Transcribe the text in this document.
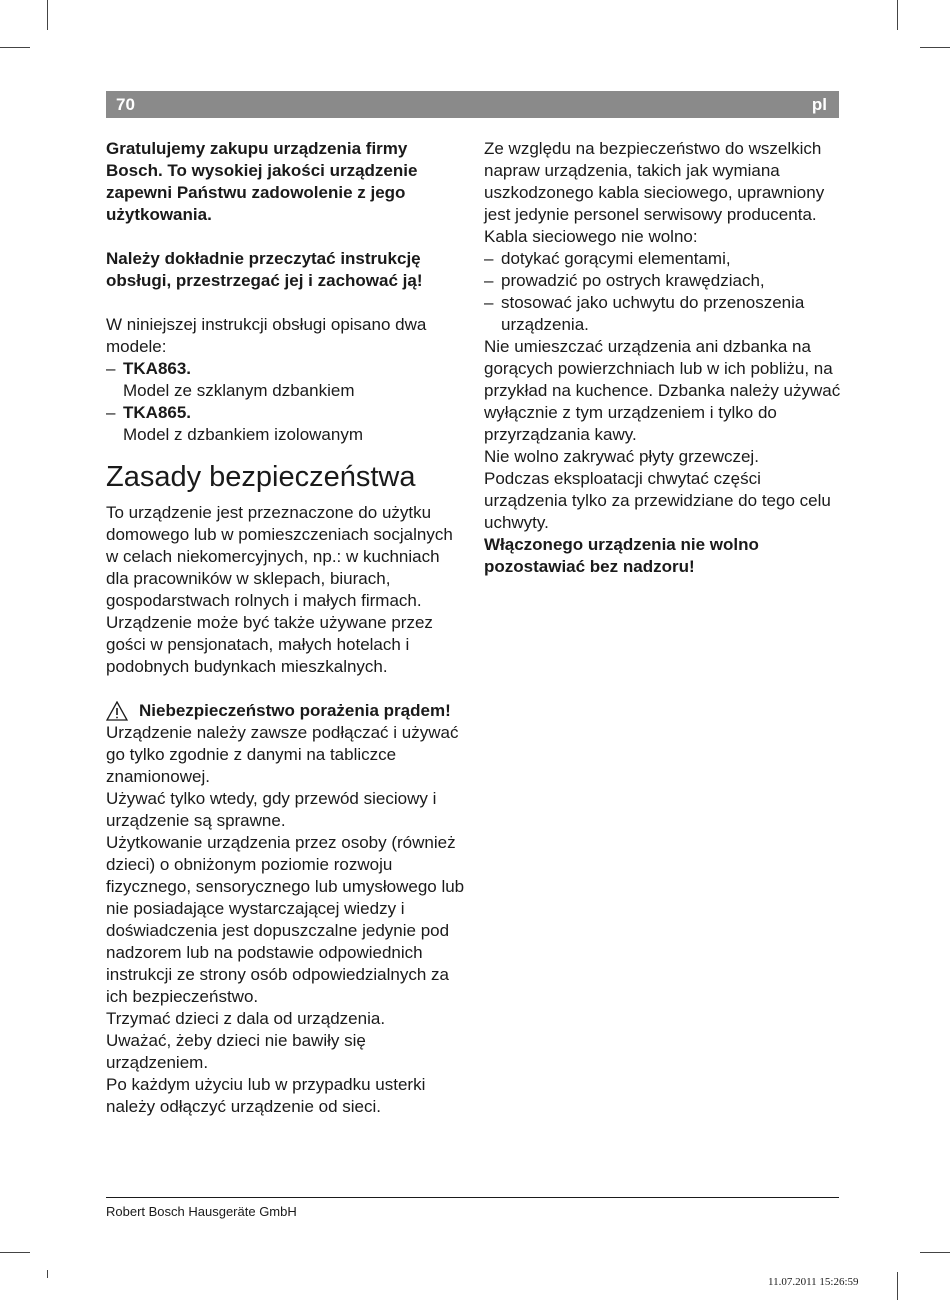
70	pl

Gratulujemy zakupu urządzenia firmy Bosch. To wysokiej jakości urządzenie zapewni Państwu zadowolenie z jego użytkowania.

Należy dokładnie przeczytać instrukcję obsługi, przestrzegać jej i zachować ją!

W niniejszej instrukcji obsługi opisano dwa modele:

– TKA863.
Model ze szklanym dzbankiem
– TKA865.
Model z dzbankiem izolowanym
Zasady bezpieczeństwa

To urządzenie jest przeznaczone do użytku domowego lub w pomieszczeniach socjalnych w celach niekomercyjnych, np.: w kuchniach dla pracowników w sklepach, biurach, gospodarstwach rolnych i małych firmach. Urządzenie może być także używane przez gości w pensjonatach, małych hotelach i podobnych budynkach mieszkalnych.

Niebezpieczeństwo porażenia prądem!

Urządzenie należy zawsze podłączać i używać go tylko zgodnie z danymi na tabliczce znamionowej.

Używać tylko wtedy, gdy przewód sieciowy i urządzenie są sprawne.

Użytkowanie urządzenia przez osoby (również dzieci) o obniżonym poziomie rozwoju fizycznego, sensorycznego lub umysłowego lub nie posiadające wystarczającej wiedzy i doświadczenia jest dopuszczalne jedynie pod nadzorem lub na podstawie odpowiednich instrukcji ze strony osób odpowiedzialnych za ich bezpieczeństwo.

Trzymać dzieci z dala od urządzenia.

Uważać, żeby dzieci nie bawiły się urządzeniem.

Po każdym użyciu lub w przypadku usterki należy odłączyć urządzenie od sieci.

Ze względu na bezpieczeństwo do wszelkich napraw urządzenia, takich jak wymiana uszkodzonego kabla sieciowego, uprawniony jest jedynie personel serwisowy producenta.

Kabla sieciowego nie wolno:

– dotykać gorącymi elementami,
– prowadzić po ostrych krawędziach,
– stosować jako uchwytu do przenoszenia urządzenia.

Nie umieszczać urządzenia ani dzbanka na gorących powierzchniach lub w ich pobliżu, na przykład na kuchence. Dzbanka należy używać wyłącznie z tym urządzeniem i tylko do przyrządzania kawy.

Nie wolno zakrywać płyty grzewczej.

Podczas eksploatacji chwytać części urządzenia tylko za przewidziane do tego celu uchwyty.

Włączonego urządzenia nie wolno pozostawiać bez nadzoru!

Robert Bosch Hausgeräte GmbH
11.07.2011 15:26:59
